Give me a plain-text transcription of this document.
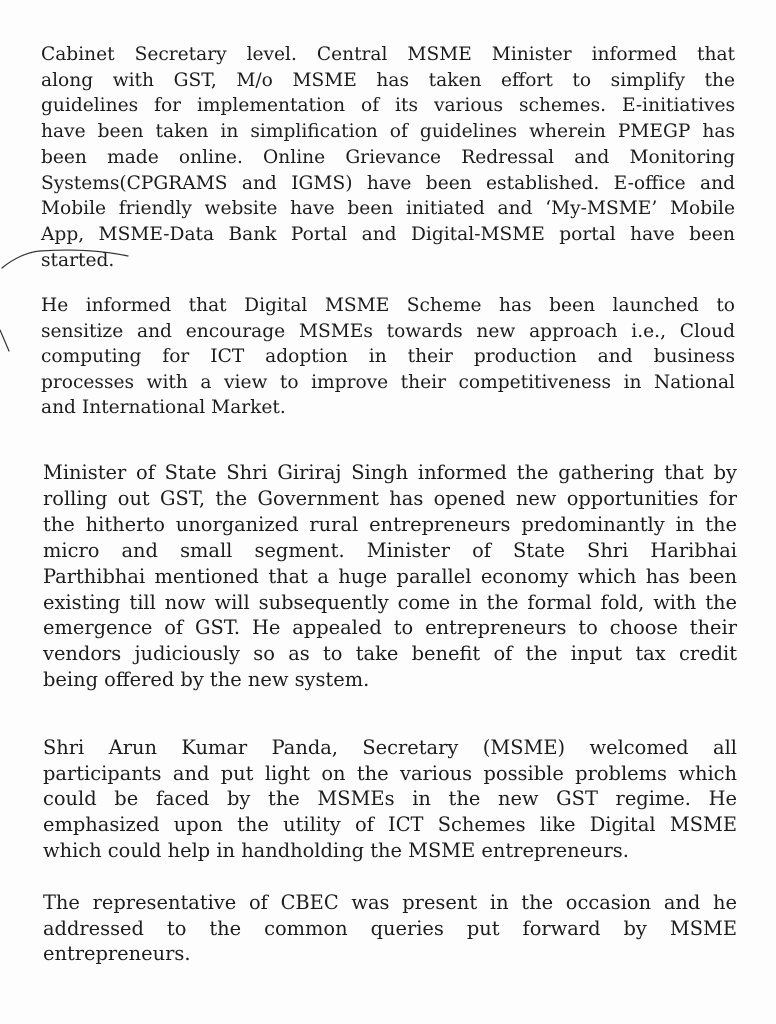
Cabinet Secretary level. Central MSME Minister informed that
along with GST, M/o MSME has taken effort to simplify the
guidelines for implementation of its various schemes. E-initiatives
have been taken in simplification of guidelines wherein PMEGP has
been made online. Online Grievance Redressal and Monitoring
Systems(CPGRAMS and IGMS) have been established. E-office and
Mobile friendly website have been initiated and ‘My-MSME’ Mobile
App, MSME-Data Bank Portal and Digital-MSME portal have been
started.

He informed that Digital MSME Scheme has been launched to
sensitize and encourage MSMEs towards new approach i.e., Cloud
computing for ICT adoption in their production and business
processes with a view to improve their competitiveness in National
and International Market.

Minister of State Shri Giriraj Singh informed the gathering that by
rolling out GST, the Government has opened new opportunities for
the hitherto unorganized rural entrepreneurs predominantly in the
micro and small segment. Minister of State Shri Haribhai
Parthibhai mentioned that a huge parallel economy which has been
existing till now will subsequently come in the formal fold, with the
emergence of GST. He appealed to entrepreneurs to choose their
vendors judiciously so as to take benefit of the input tax credit
being offered by the new system.

Shri Arun Kumar Panda, Secretary (MSME) welcomed all
participants and put light on the various possible problems which
could be faced by the MSMEs in the new GST regime. He
emphasized upon the utility of ICT Schemes like Digital MSME
which could help in handholding the MSME entrepreneurs.

The representative of CBEC was present in the occasion and he
addressed to the common queries put forward by MSME
entrepreneurs.
